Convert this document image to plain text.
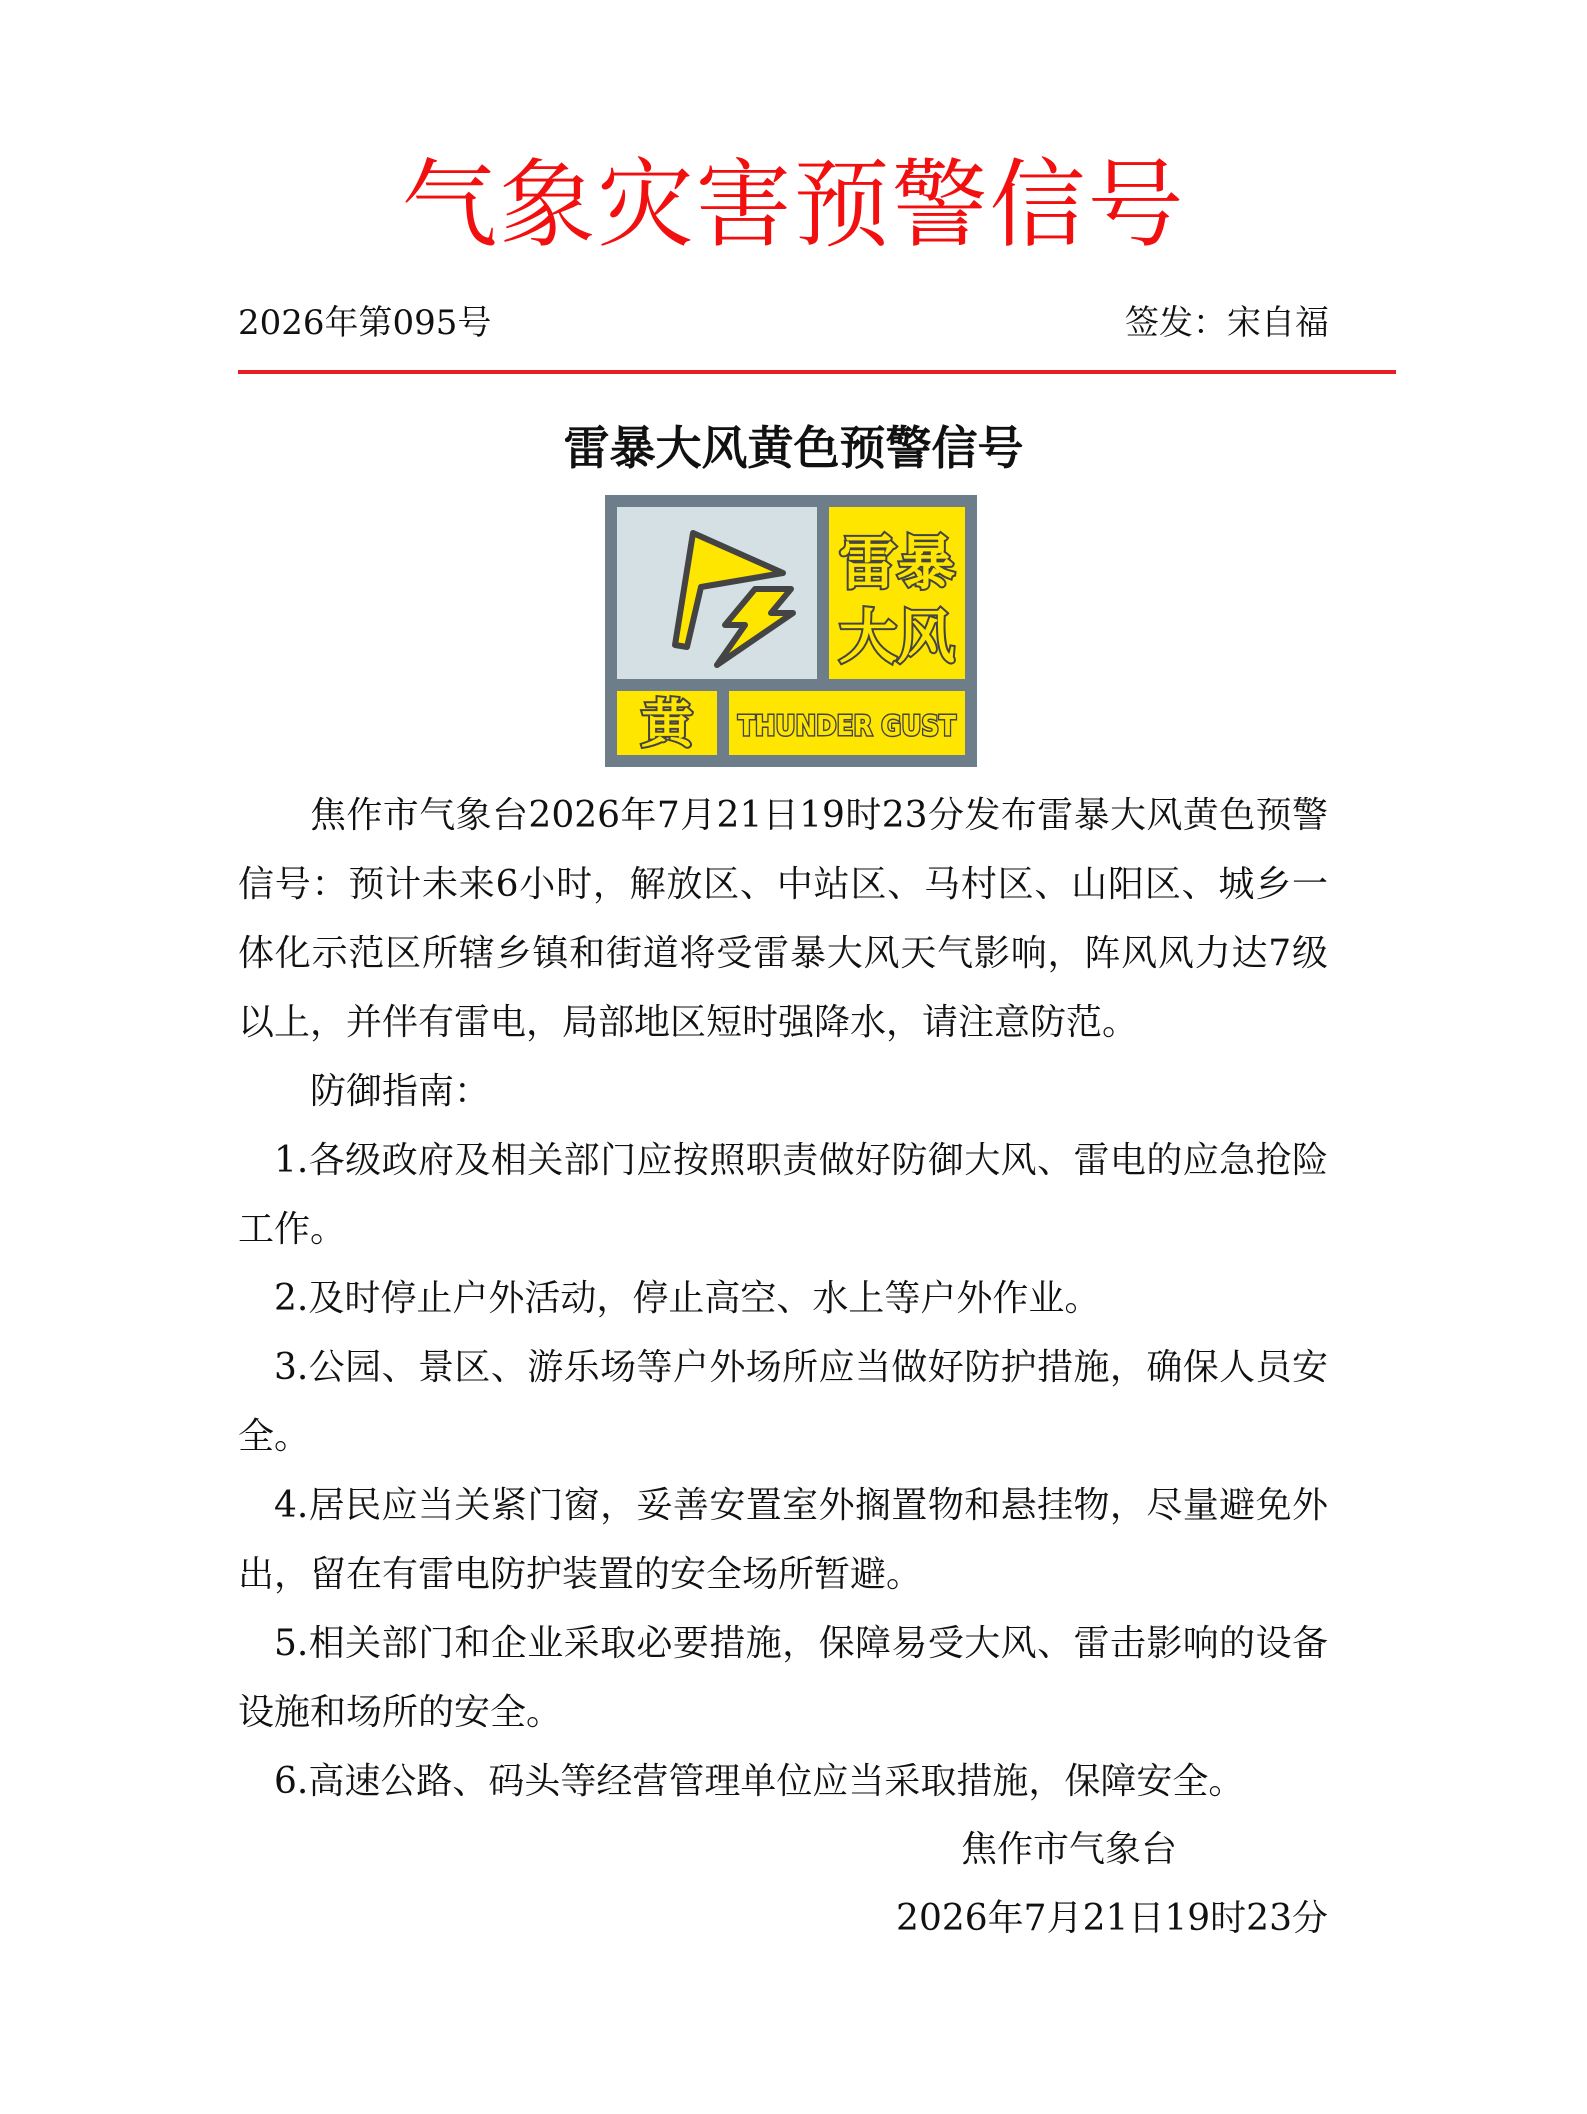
气象灾害预警信号
2026年第095号	签发：宋自福
雷暴大风黄色预警信号
雷暴
大风
黄 THUNDER GUST

焦作市气象台2026年7月21日19时23分发布雷暴大风黄色预警信号：预计未来6小时，解放区、中站区、马村区、山阳区、城乡一体化示范区所辖乡镇和街道将受雷暴大风天气影响，阵风风力达7级以上，并伴有雷电，局部地区短时强降水，请注意防范。

防御指南：

1.各级政府及相关部门应按照职责做好防御大风、雷电的应急抢险工作。

2.及时停止户外活动，停止高空、水上等户外作业。

3.公园、景区、游乐场等户外场所应当做好防护措施，确保人员安全。

4.居民应当关紧门窗，妥善安置室外搁置物和悬挂物，尽量避免外出，留在有雷电防护装置的安全场所暂避。

5.相关部门和企业采取必要措施，保障易受大风、雷击影响的设备设施和场所的安全。

6.高速公路、码头等经营管理单位应当采取措施，保障安全。

焦作市气象台
2026年7月21日19时23分
